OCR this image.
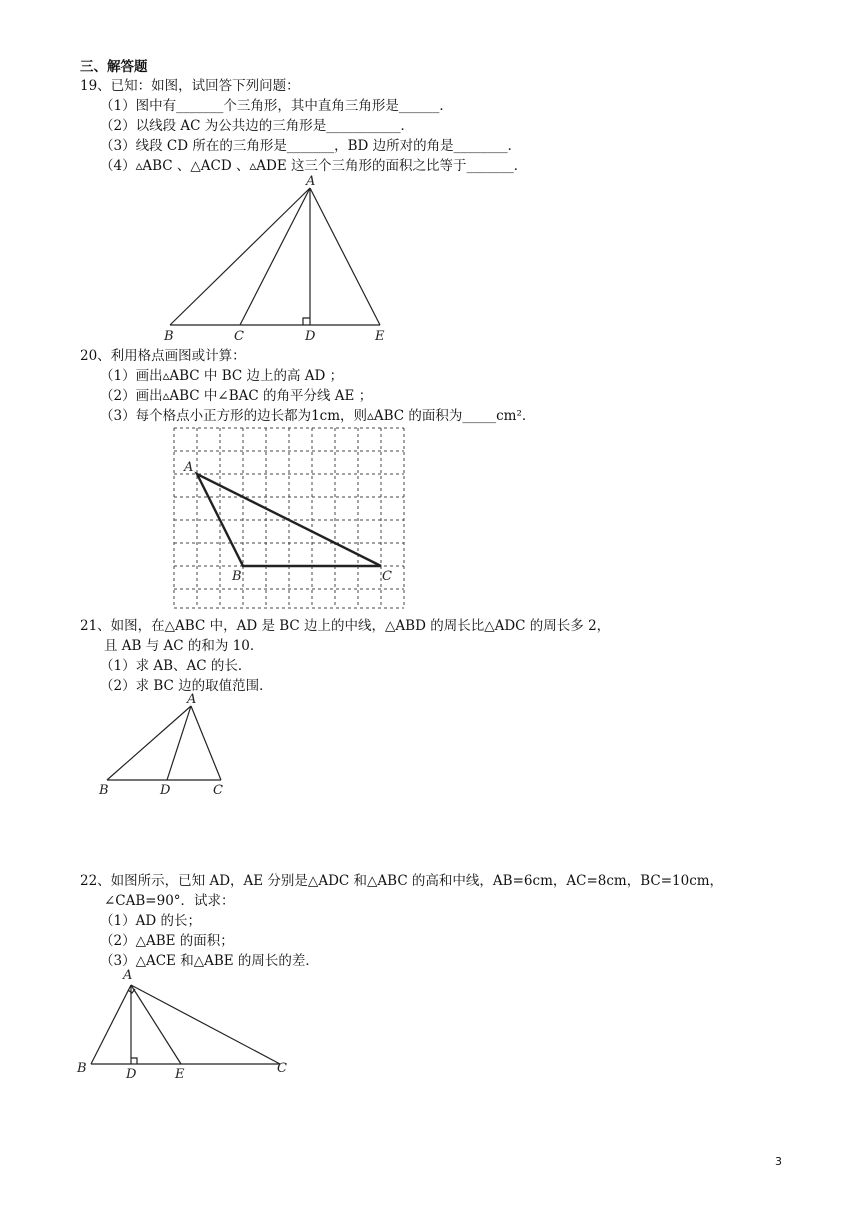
三、解答题
19、已知：如图，试回答下列问题：
（1）图中有_______个三角形，其中直角三角形是______．
（2）以线段 AC 为公共边的三角形是___________．
（3）线段 CD 所在的三角形是_______，BD 边所对的角是________．
（4）▵ABC 、△ACD 、▵ADE 这三个三角形的面积之比等于_______．
A
B	C	D	E
20、利用格点画图或计算：
（1）画出▵ABC 中 BC 边上的高 AD ；
（2）画出▵ABC 中∠BAC 的角平分线 AE ；
（3）每个格点小正方形的边长都为1cm，则▵ABC 的面积为_____cm²．
A
B	C
21、如图，在△ABC 中，AD 是 BC 边上的中线，△ABD 的周长比△ADC 的周长多 2，
且 AB 与 AC 的和为 10．
（1）求 AB、AC 的长．
（2）求 BC 边的取值范围．
A
B	D	C
22、如图所示，已知 AD，AE 分别是△ADC 和△ABC 的高和中线，AB=6cm，AC=8cm，BC=10cm，
∠CAB=90°．试求：
（1）AD 的长；
（2）△ABE 的面积；
（3）△ACE 和△ABE 的周长的差．
A
B	D	E	C
3
